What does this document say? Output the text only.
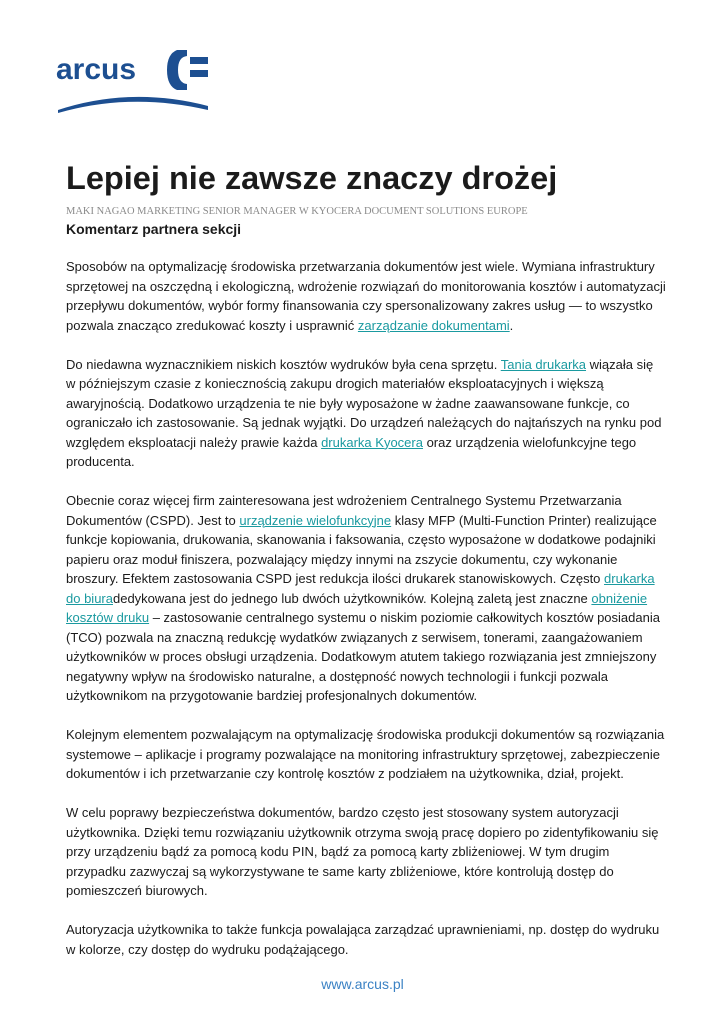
arcus
Lepiej nie zawsze znaczy drożej
MAKI NAGAO MARKETING SENIOR MANAGER W KYOCERA DOCUMENT SOLUTIONS EUROPE
Komentarz partnera sekcji

Sposobów na optymalizację środowiska przetwarzania dokumentów jest wiele. Wymiana infrastruktury sprzętowej na oszczędną i ekologiczną, wdrożenie rozwiązań do monitorowania kosztów i automatyzacji przepływu dokumentów, wybór formy finansowania czy spersonalizowany zakres usług — to wszystko pozwala znacząco zredukować koszty i usprawnić zarządzanie dokumentami.

Do niedawna wyznacznikiem niskich kosztów wydruków była cena sprzętu. Tania drukarka wiązała się w późniejszym czasie z koniecznością zakupu drogich materiałów eksploatacyjnych i większą awaryjnością. Dodatkowo urządzenia te nie były wyposażone w żadne zaawansowane funkcje, co ograniczało ich zastosowanie. Są jednak wyjątki. Do urządzeń należących do najtańszych na rynku pod względem eksploatacji należy prawie każda drukarka Kyocera oraz urządzenia wielofunkcyjne tego producenta.

Obecnie coraz więcej firm zainteresowana jest wdrożeniem Centralnego Systemu Przetwarzania Dokumentów (CSPD). Jest to urządzenie wielofunkcyjne klasy MFP (Multi-Function Printer) realizujące funkcje kopiowania, drukowania, skanowania i faksowania, często wyposażone w dodatkowe podajniki papieru oraz moduł finiszera, pozwalający między innymi na zszycie dokumentu, czy wykonanie broszury. Efektem zastosowania CSPD jest redukcja ilości drukarek stanowiskowych. Często drukarka do biuradedykowana jest do jednego lub dwóch użytkowników. Kolejną zaletą jest znaczne obniżenie kosztów druku – zastosowanie centralnego systemu o niskim poziomie całkowitych kosztów posiadania (TCO) pozwala na znaczną redukcję wydatków związanych z serwisem, tonerami, zaangażowaniem użytkowników w proces obsługi urządzenia. Dodatkowym atutem takiego rozwiązania jest zmniejszony negatywny wpływ na środowisko naturalne, a dostępność nowych technologii i funkcji pozwala użytkownikom na przygotowanie bardziej profesjonalnych dokumentów.

Kolejnym elementem pozwalającym na optymalizację środowiska produkcji dokumentów są rozwiązania systemowe – aplikacje i programy pozwalające na monitoring infrastruktury sprzętowej, zabezpieczenie dokumentów i ich przetwarzanie czy kontrolę kosztów z podziałem na użytkownika, dział, projekt.

W celu poprawy bezpieczeństwa dokumentów, bardzo często jest stosowany system autoryzacji użytkownika. Dzięki temu rozwiązaniu użytkownik otrzyma swoją pracę dopiero po zidentyfikowaniu się przy urządzeniu bądź za pomocą kodu PIN, bądź za pomocą karty zbliżeniowej. W tym drugim przypadku zazwyczaj są wykorzystywane te same karty zbliżeniowe, które kontrolują dostęp do pomieszczeń biurowych.

Autoryzacja użytkownika to także funkcja powalająca zarządzać uprawnieniami, np. dostęp do wydruku w kolorze, czy dostęp do wydruku podążającego.

www.arcus.pl
